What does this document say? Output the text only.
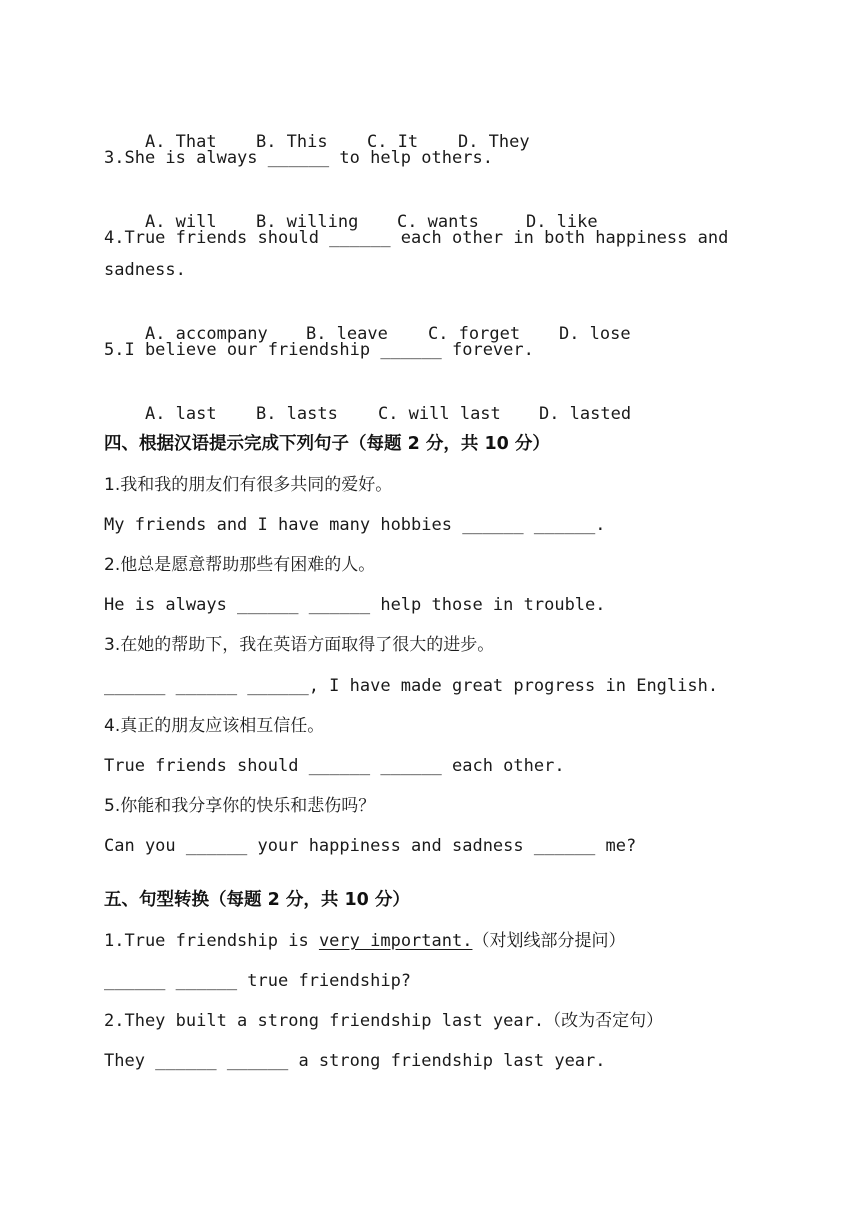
A. That B. This C. It D. They

3.She is always ______ to help others.

A. will B. willing C. wants	D. like

4.True friends should ______ each other in both happiness and
sadness.

A. accompany B. leave C. forget D. lose

5.I believe our friendship ______ forever.

A. last B. lasts C. will last D. lasted

四、根据汉语提示完成下列句子（每题 2 分，共 10 分）
1.我和我的朋友们有很多共同的爱好。
My friends and I have many hobbies ______ ______.
2.他总是愿意帮助那些有困难的人。
He is always ______ ______ help those in trouble.
3.在她的帮助下，我在英语方面取得了很大的进步。
______ ______ ______, I have made great progress in English.
4.真正的朋友应该相互信任。
True friends should ______ ______ each other.
5.你能和我分享你的快乐和悲伤吗？
Can you ______ your happiness and sadness ______ me?
五、句型转换（每题 2 分，共 10 分）
1.True friendship is very important.（对划线部分提问）
______ ______ true friendship?
2.They built a strong friendship last year.（改为否定句）
They ______ ______ a strong friendship last year.
